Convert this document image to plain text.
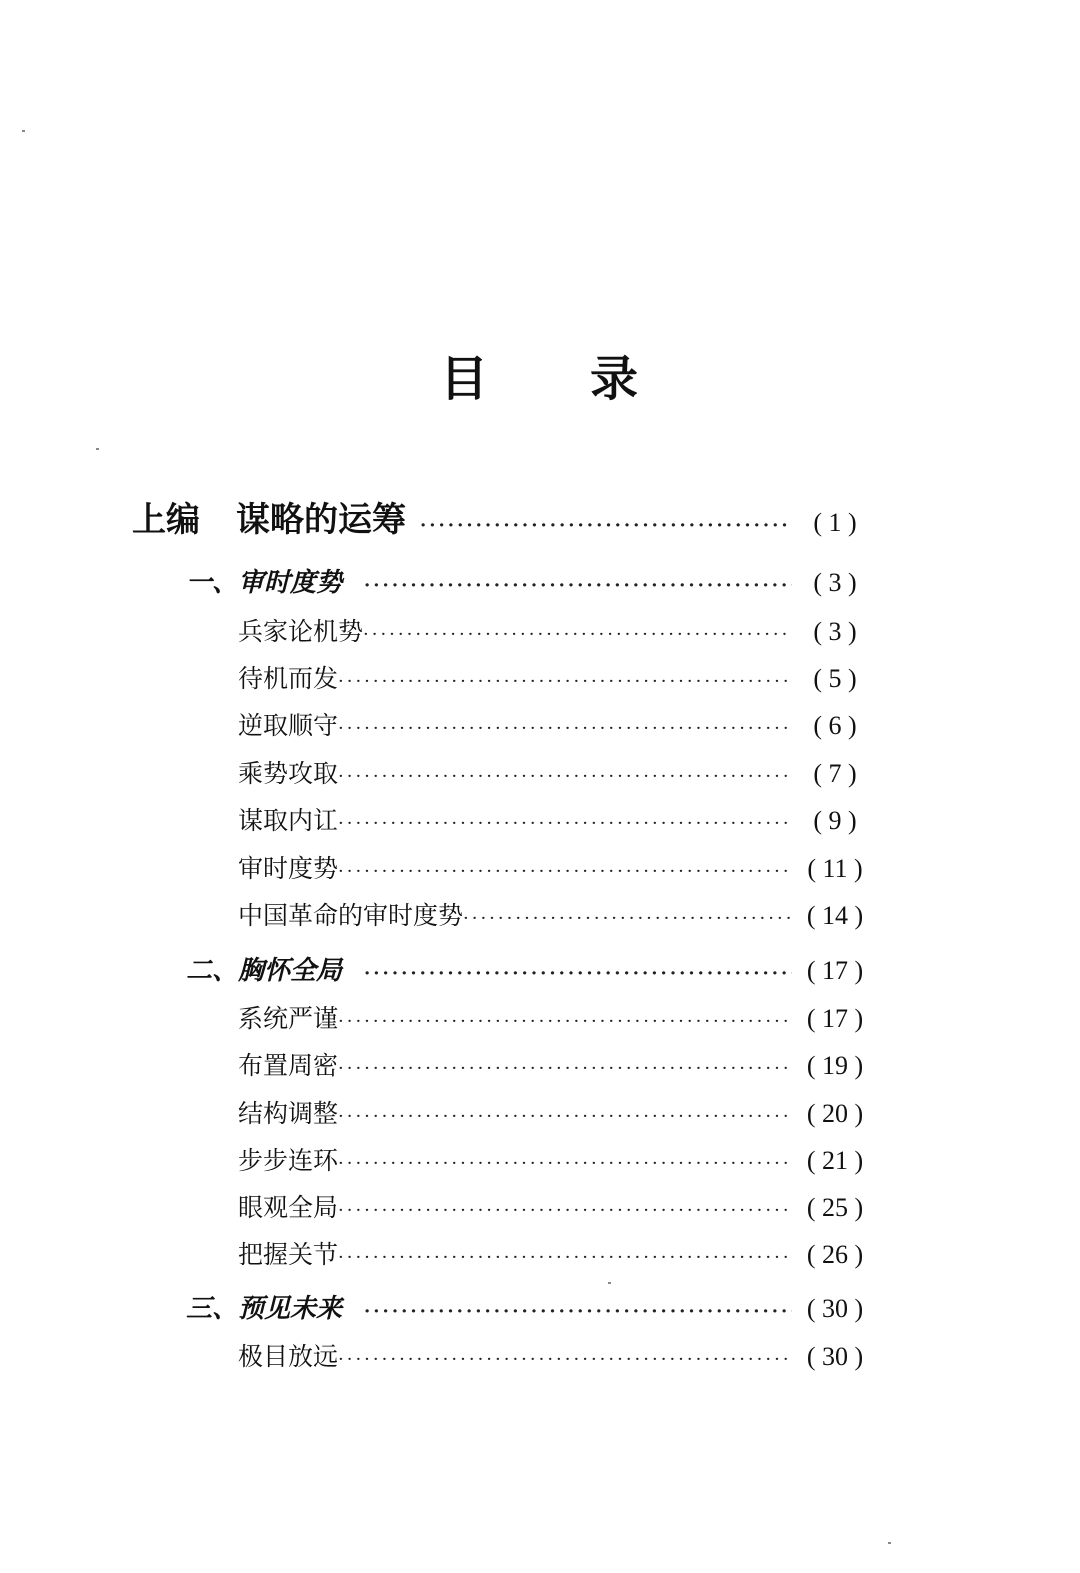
目 录
上编 谋略的运筹 ·····	( 1 )
一、审时度势 ·····	( 3 )
兵家论机势 ·····	( 3 )
待机而发 ·····	( 5 )
逆取顺守 ·····	( 6 )
乘势攻取 ·····	( 7 )
谋取内讧 ·····	( 9 )
审时度势 ·····	( 11 )
中国革命的审时度势 ·····	( 14 )
二、胸怀全局 ·····	( 17 )
系统严谨 ·····	( 17 )
布置周密 ·····	( 19 )
结构调整 ·····	( 20 )
步步连环 ·····	( 21 )
眼观全局 ·····	( 25 )
把握关节 ·····	( 26 )
三、预见未来 ·····	( 30 )
极目放远 ·····	( 30 )
